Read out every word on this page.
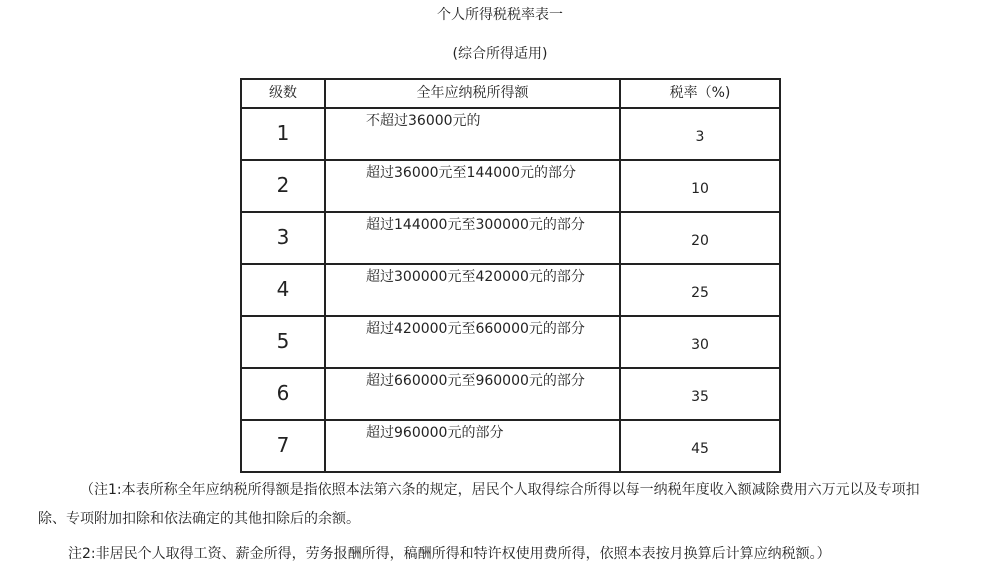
个人所得税税率表一
(综合所得适用)
级数	全年应纳税所得额	税率（%)
1	不超过36000元的	3
2	超过36000元至144000元的部分	10
3	超过144000元至300000元的部分	20
4	超过300000元至420000元的部分	25
5	超过420000元至660000元的部分	30
6	超过660000元至960000元的部分	35
7	超过960000元的部分	45
（注1:本表所称全年应纳税所得额是指依照本法第六条的规定，居民个人取得综合所得以每一纳税年度收入额减除费用六万元以及专项扣
除、专项附加扣除和依法确定的其他扣除后的余额。
注2:非居民个人取得工资、薪金所得，劳务报酬所得，稿酬所得和特许权使用费所得，依照本表按月换算后计算应纳税额。）
